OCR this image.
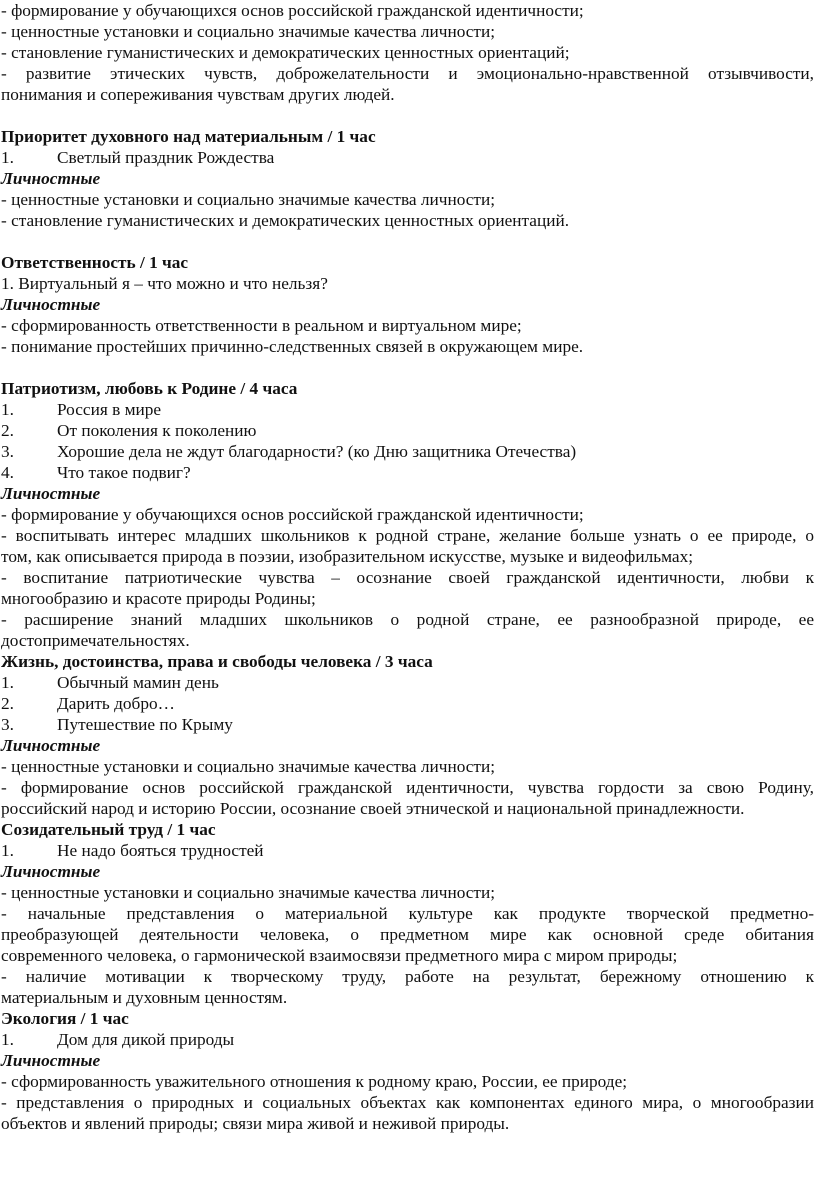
- формирование у обучающихся основ российской гражданской идентичности;
- ценностные установки и социально значимые качества личности;
- становление гуманистических и демократических ценностных ориентаций;
- развитие этических чувств, доброжелательности и эмоционально-нравственной отзывчивости,
понимания и сопереживания чувствам других людей.
Приоритет духовного над материальным / 1 час
1. Светлый праздник Рождества
Личностные
- ценностные установки и социально значимые качества личности;
- становление гуманистических и демократических ценностных ориентаций.
Ответственность / 1 час
1. Виртуальный я – что можно и что нельзя?
Личностные
- сформированность ответственности в реальном и виртуальном мире;
- понимание простейших причинно-следственных связей в окружающем мире.
Патриотизм, любовь к Родине / 4 часа
1. Россия в мире
2. От поколения к поколению
3. Хорошие дела не ждут благодарности? (ко Дню защитника Отечества)
4. Что такое подвиг?
Личностные
- формирование у обучающихся основ российской гражданской идентичности;
- воспитывать интерес младших школьников к родной стране, желание больше узнать о ее природе, о
том, как описывается природа в поэзии, изобразительном искусстве, музыке и видеофильмах;
- воспитание патриотические чувства – осознание своей гражданской идентичности, любви к
многообразию и красоте природы Родины;
- расширение знаний младших школьников о родной стране, ее разнообразной природе, ее
достопримечательностях.
Жизнь, достоинства, права и свободы человека / 3 часа
1. Обычный мамин день
2. Дарить добро…
3. Путешествие по Крыму
Личностные
- ценностные установки и социально значимые качества личности;
- формирование основ российской гражданской идентичности, чувства гордости за свою Родину,
российский народ и историю России, осознание своей этнической и национальной принадлежности.
Созидательный труд / 1 час
1. Не надо бояться трудностей
Личностные
- ценностные установки и социально значимые качества личности;
- начальные представления о материальной культуре как продукте творческой предметно-
преобразующей деятельности человека, о предметном мире как основной среде обитания
современного человека, о гармонической взаимосвязи предметного мира с миром природы;
- наличие мотивации к творческому труду, работе на результат, бережному отношению к
материальным и духовным ценностям.
Экология / 1 час
1. Дом для дикой природы
Личностные
- сформированность уважительного отношения к родному краю, России, ее природе;
- представления о природных и социальных объектах как компонентах единого мира, о многообразии
объектов и явлений природы; связи мира живой и неживой природы.
